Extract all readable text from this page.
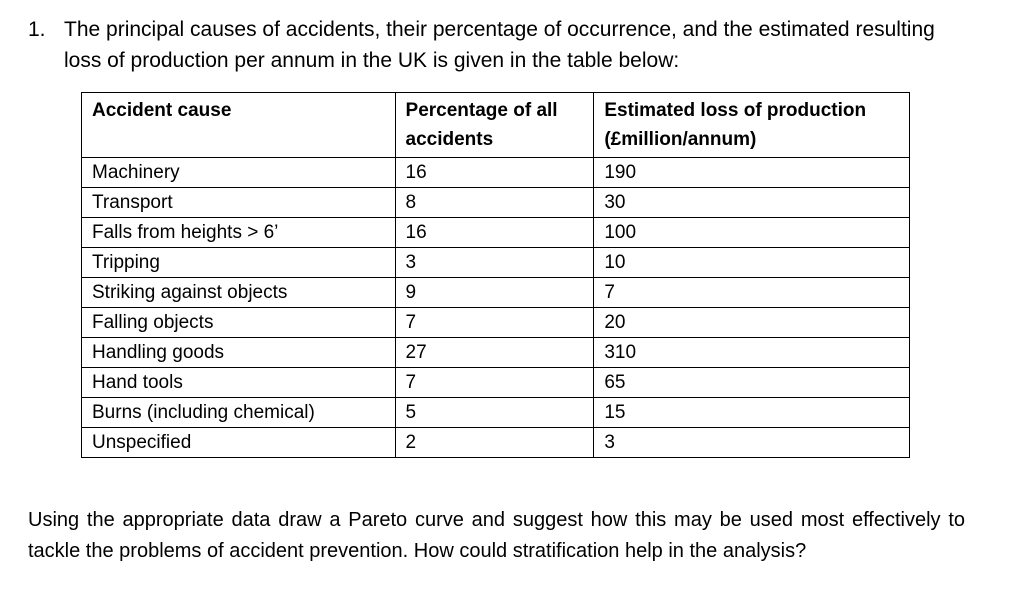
1. The principal causes of accidents, their percentage of occurrence, and the estimated resulting
loss of production per annum in the UK is given in the table below:
Accident cause	Percentage of all accidents	Estimated loss of production (£million/annum)
Machinery	16	190
Transport	8	30
Falls from heights > 6’	16	100
Tripping	3	10
Striking against objects	9	7
Falling objects	7	20
Handling goods	27	310
Hand tools	7	65
Burns (including chemical)	5	15
Unspecified	2	3
Using the appropriate data draw a Pareto curve and suggest how this may be used most effectively to tackle the problems of accident prevention. How could stratification help in the analysis?
